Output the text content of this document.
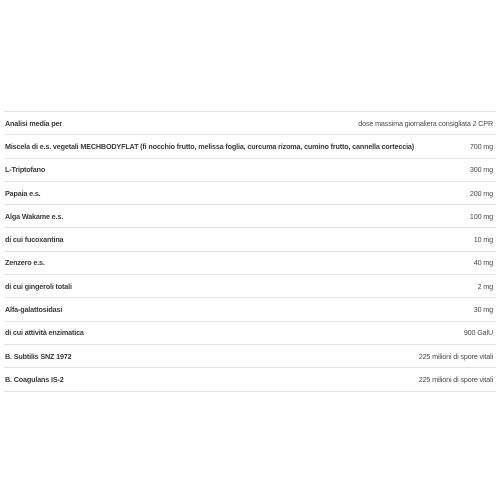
Analisi media per	dose massima giornaliera consigliata 2 CPR
Miscela di e.s. vegetali MECHBODYFLAT (fi nocchio frutto, melissa foglia, curcuma rizoma, cumino frutto, cannella corteccia)	700 mg
L-Triptofano	300 mg
Papaia e.s.	200 mg
Alga Wakame e.s.	100 mg
di cui fucoxantina	10 mg
Zenzero e.s.	40 mg
di cui gingeroli totali	2 mg
Alfa-galattosidasi	30 mg
di cui attività enzimatica	900 GalU
B. Subtilis SNZ 1972	225 milioni di spore vitali
B. Coagulans IS-2	225 milioni di spore vitali
